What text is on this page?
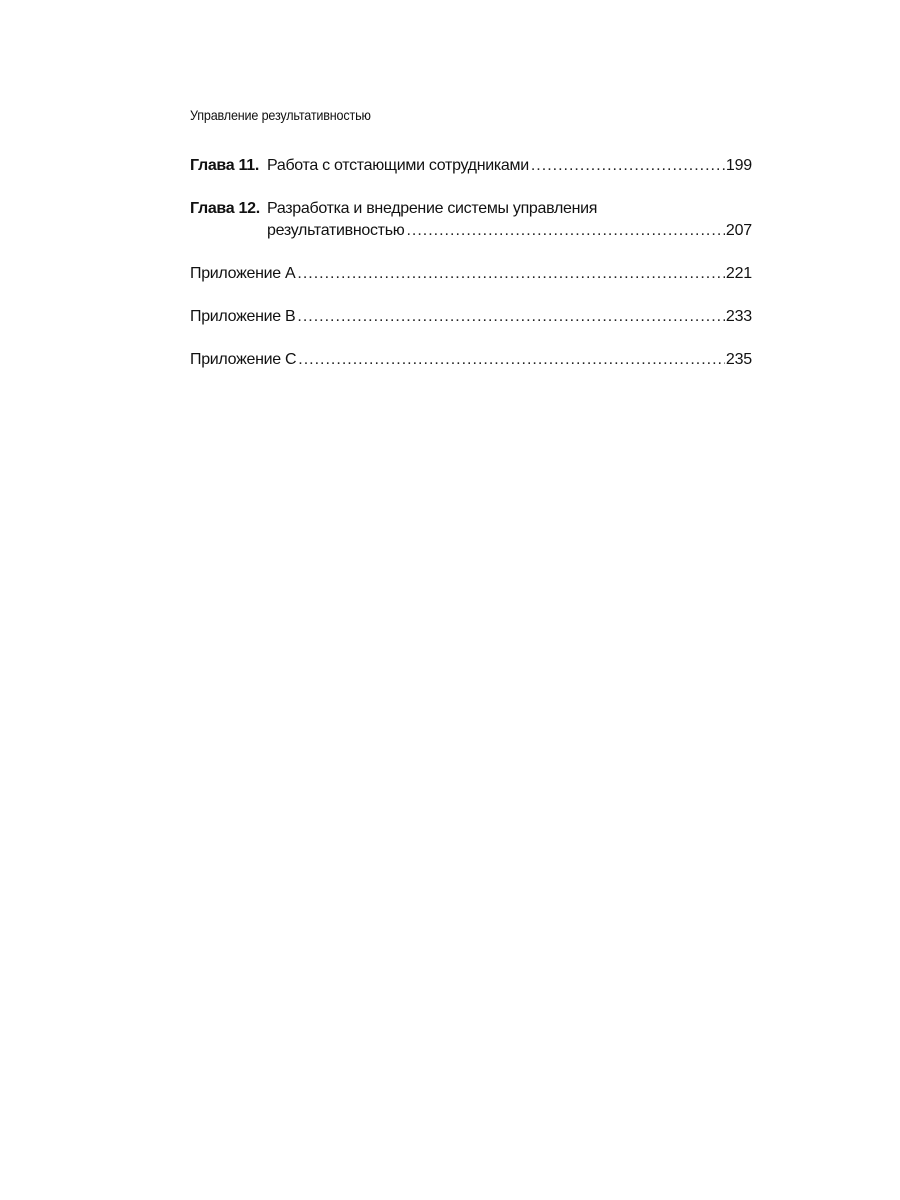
Управление результативностью
Глава 11. Работа с отстающими сотрудниками .....	199
Глава 12. Разработка и внедрение системы управления
результативностью .....	207
Приложение A .....	221
Приложение B .....	233
Приложение C .....	235
